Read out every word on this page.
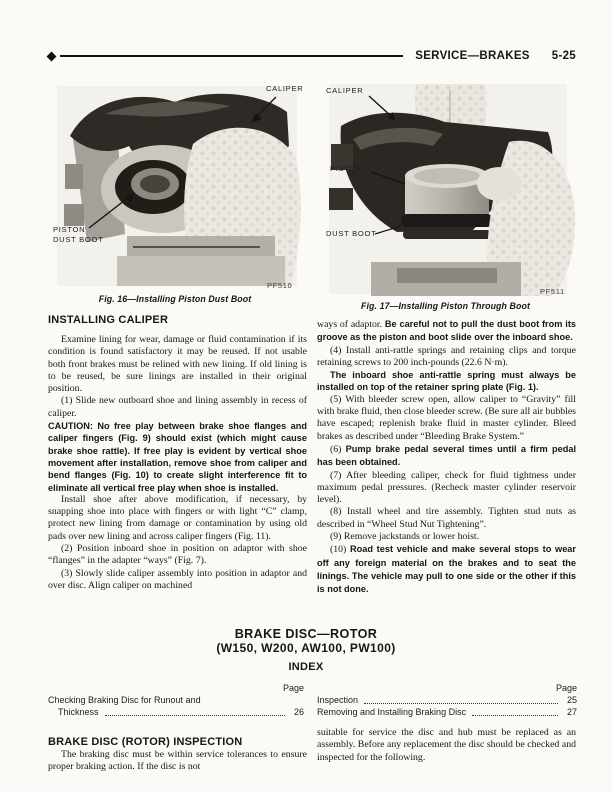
SERVICE—BRAKES 5-25
CALIPER
PISTON
DUST BOOT
PF510
Fig. 16—Installing Piston Dust Boot
CALIPER
PISTON
DUST BOOT
PF511
Fig. 17—Installing Piston Through Boot
INSTALLING CALIPER

Examine lining for wear, damage or fluid contamination if its condition is found satisfactory it may be reused. If not usable both front brakes must be relined with new lining. If old lining is to be reused, be sure linings are installed in their original position.

(1) Slide new outboard shoe and lining assembly in recess of caliper.

CAUTION: No free play between brake shoe flanges and caliper fingers (Fig. 9) should exist (which might cause brake shoe rattle). If free play is evident by vertical shoe movement after installation, remove shoe from caliper and bend flanges (Fig. 10) to create slight interference fit to eliminate all vertical free play when shoe is installed.

Install shoe after above modification, if necessary, by snapping shoe into place with fingers or with light “C” clamp, protect new lining from damage or contamination by using old pads over new lining and across caliper fingers (Fig. 11).

(2) Position inboard shoe in position on adaptor with shoe “flanges” in the adapter “ways” (Fig. 7).

(3) Slowly slide caliper assembly into position in adaptor and over disc. Align caliper on machined

ways of adaptor. Be careful not to pull the dust boot from its groove as the piston and boot slide over the inboard shoe.

(4) Install anti-rattle springs and retaining clips and torque retaining screws to 200 inch-pounds (22.6 N·m).

The inboard shoe anti-rattle spring must always be installed on top of the retainer spring plate (Fig. 1).

(5) With bleeder screw open, allow caliper to “Gravity” fill with brake fluid, then close bleeder screw. (Be sure all air bubbles have escaped; replenish brake fluid in master cylinder. Bleed brakes as described under “Bleeding Brake System.”

(6) Pump brake pedal several times until a firm pedal has been obtained.

(7) After bleeding caliper, check for fluid tightness under maximum pedal pressures. (Recheck master cylinder reservoir level).

(8) Install wheel and tire assembly. Tighten stud nuts as described in “Wheel Stud Nut Tightening”.

(9) Remove jackstands or lower hoist.

(10) Road test vehicle and make several stops to wear off any foreign material on the brakes and to seat the linings. The vehicle may pull to one side or the other if this is not done.

BRAKE DISC—ROTOR
(W150, W200, AW100, PW100)
INDEX
Page
Checking Braking Disc for Runout and
Thickness	26
Page
Inspection	25
Removing and Installing Braking Disc	27
BRAKE DISC (ROTOR) INSPECTION

The braking disc must be within service tolerances to ensure proper braking action. If the disc is not

suitable for service the disc and hub must be replaced as an assembly. Before any replacement the disc should be checked and inspected for the following.
